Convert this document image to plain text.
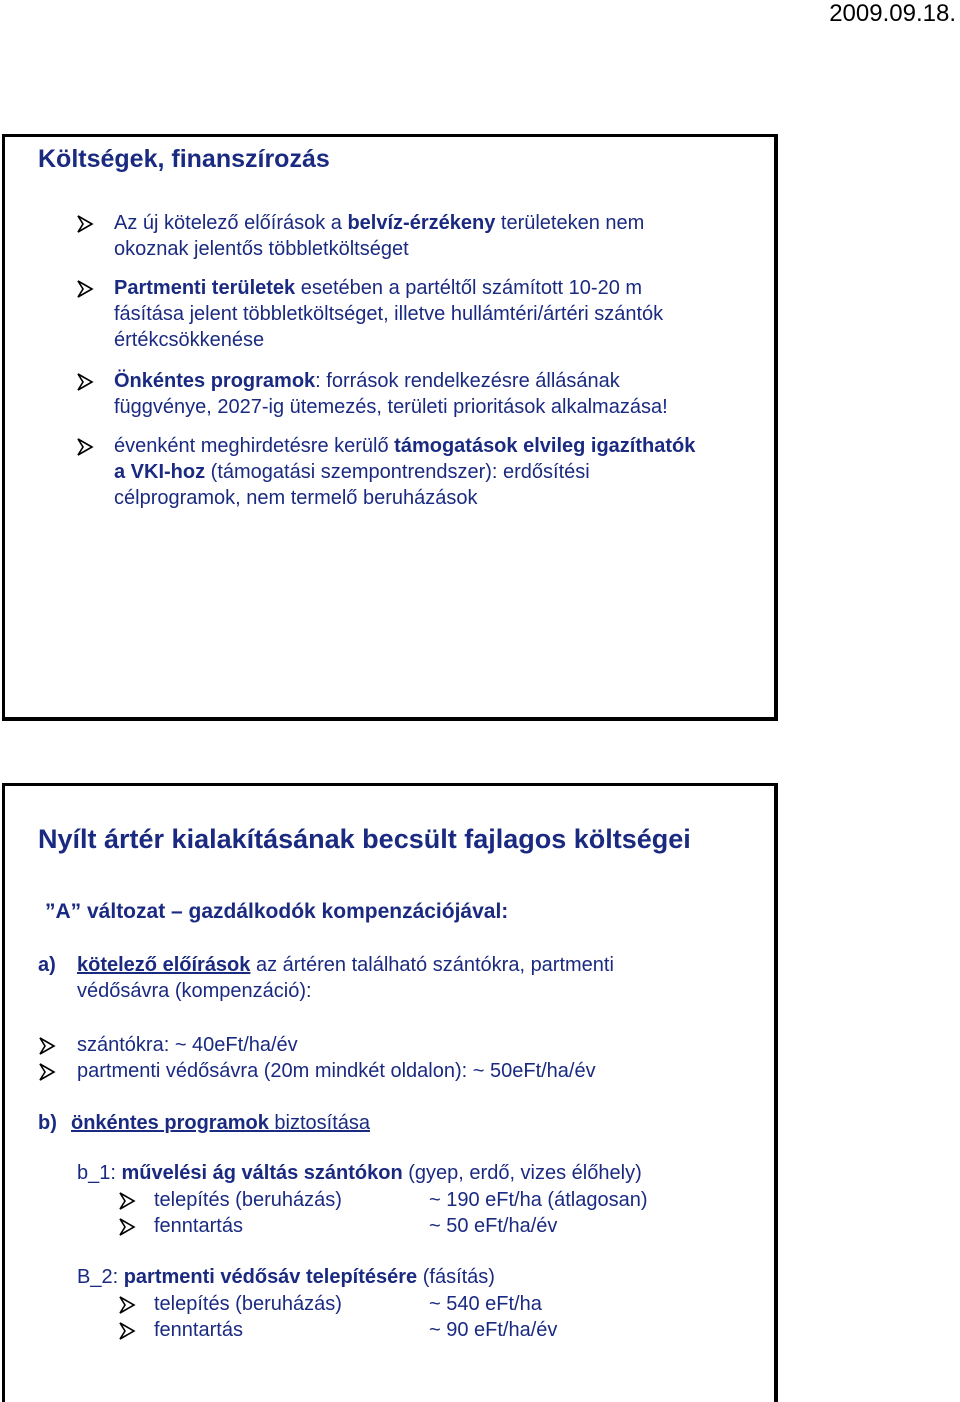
2009.09.18.
Költségek, finanszírozás
Az új kötelező előírások a belvíz-érzékeny területeken nem
okoznak jelentős többletköltséget
Partmenti területek esetében a partéltől számított 10-20 m
fásítása jelent többletköltséget, illetve hullámtéri/ártéri szántók
értékcsökkenése
Önkéntes programok: források rendelkezésre állásának
függvénye, 2027-ig ütemezés, területi prioritások alkalmazása!
évenként meghirdetésre kerülő támogatások elvileg igazíthatók
a VKI-hoz (támogatási szempontrendszer): erdősítési
célprogramok, nem termelő beruházások
Nyílt ártér kialakításának becsült fajlagos költségei
”A” változat – gazdálkodók kompenzációjával:
a) kötelező előírások az ártéren található szántókra, partmenti
védősávra (kompenzáció):
szántókra: ~ 40eFt/ha/év
partmenti védősávra (20m mindkét oldalon): ~ 50eFt/ha/év
b) önkéntes programok biztosítása
b_1: művelési ág váltás szántókon (gyep, erdő, vizes élőhely)
telepítés (beruházás)	~ 190 eFt/ha (átlagosan)
fenntartás	~ 50 eFt/ha/év
B_2: partmenti védősáv telepítésére (fásítás)
telepítés (beruházás)	~ 540 eFt/ha
fenntartás	~ 90 eFt/ha/év
